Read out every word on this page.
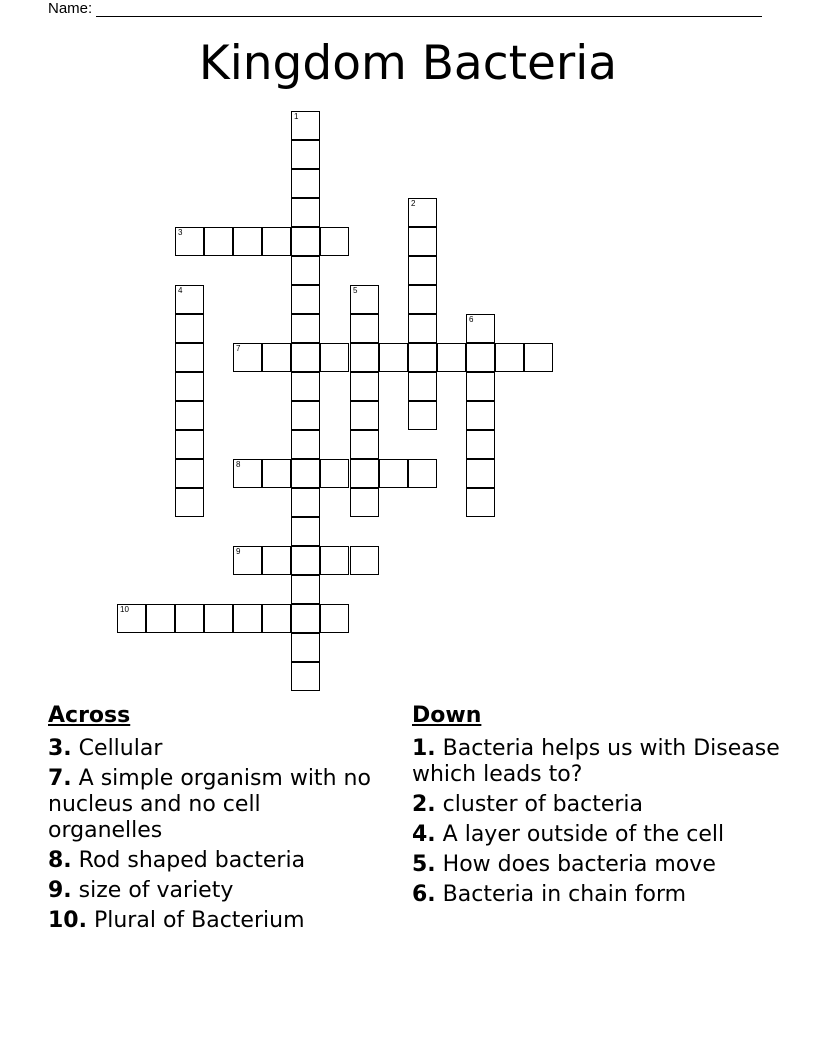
Name:
Kingdom Bacteria
1
3
2
4	5
6
7
8
9
10
Across
3. Cellular
7. A simple organism with no nucleus and no cell organelles
8. Rod shaped bacteria
9. size of variety
10. Plural of Bacterium
Down
1. Bacteria helps us with Disease which leads to?
2. cluster of bacteria
4. A layer outside of the cell
5. How does bacteria move
6. Bacteria in chain form
